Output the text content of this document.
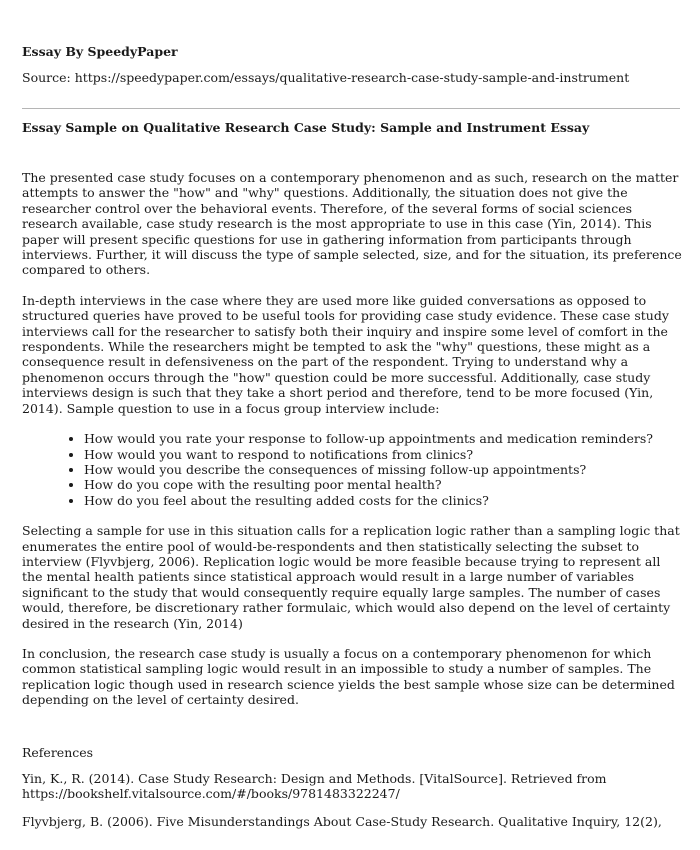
Essay By SpeedyPaper
Source: https://speedypaper.com/essays/qualitative-research-case-study-sample-and-instrument
Essay Sample on Qualitative Research Case Study: Sample and Instrument Essay

The presented case study focuses on a contemporary phenomenon and as such, research on the matter attempts to answer the "how" and "why" questions. Additionally, the situation does not give the researcher control over the behavioral events. Therefore, of the several forms of social sciences research available, case study research is the most appropriate to use in this case (Yin, 2014). This paper will present specific questions for use in gathering information from participants through interviews. Further, it will discuss the type of sample selected, size, and for the situation, its preference compared to others.

In-depth interviews in the case where they are used more like guided conversations as opposed to structured queries have proved to be useful tools for providing case study evidence. These case study interviews call for the researcher to satisfy both their inquiry and inspire some level of comfort in the respondents. While the researchers might be tempted to ask the "why" questions, these might as a consequence result in defensiveness on the part of the respondent. Trying to understand why a phenomenon occurs through the "how" question could be more successful. Additionally, case study interviews design is such that they take a short period and therefore, tend to be more focused (Yin, 2014). Sample question to use in a focus group interview include:

• How would you rate your response to follow-up appointments and medication reminders?
• How would you want to respond to notifications from clinics?
• How would you describe the consequences of missing follow-up appointments?
• How do you cope with the resulting poor mental health?
• How do you feel about the resulting added costs for the clinics?

Selecting a sample for use in this situation calls for a replication logic rather than a sampling logic that enumerates the entire pool of would-be-respondents and then statistically selecting the subset to interview (Flyvbjerg, 2006). Replication logic would be more feasible because trying to represent all the mental health patients since statistical approach would result in a large number of variables significant to the study that would consequently require equally large samples. The number of cases would, therefore, be discretionary rather formulaic, which would also depend on the level of certainty desired in the research (Yin, 2014)

In conclusion, the research case study is usually a focus on a contemporary phenomenon for which common statistical sampling logic would result in an impossible to study a number of samples. The replication logic though used in research science yields the best sample whose size can be determined depending on the level of certainty desired.

References
Yin, K., R. (2014). Case Study Research: Design and Methods. [VitalSource]. Retrieved from https://bookshelf.vitalsource.com/#/books/9781483322247/
Flyvbjerg, B. (2006). Five Misunderstandings About Case-Study Research. Qualitative Inquiry, 12(2),
